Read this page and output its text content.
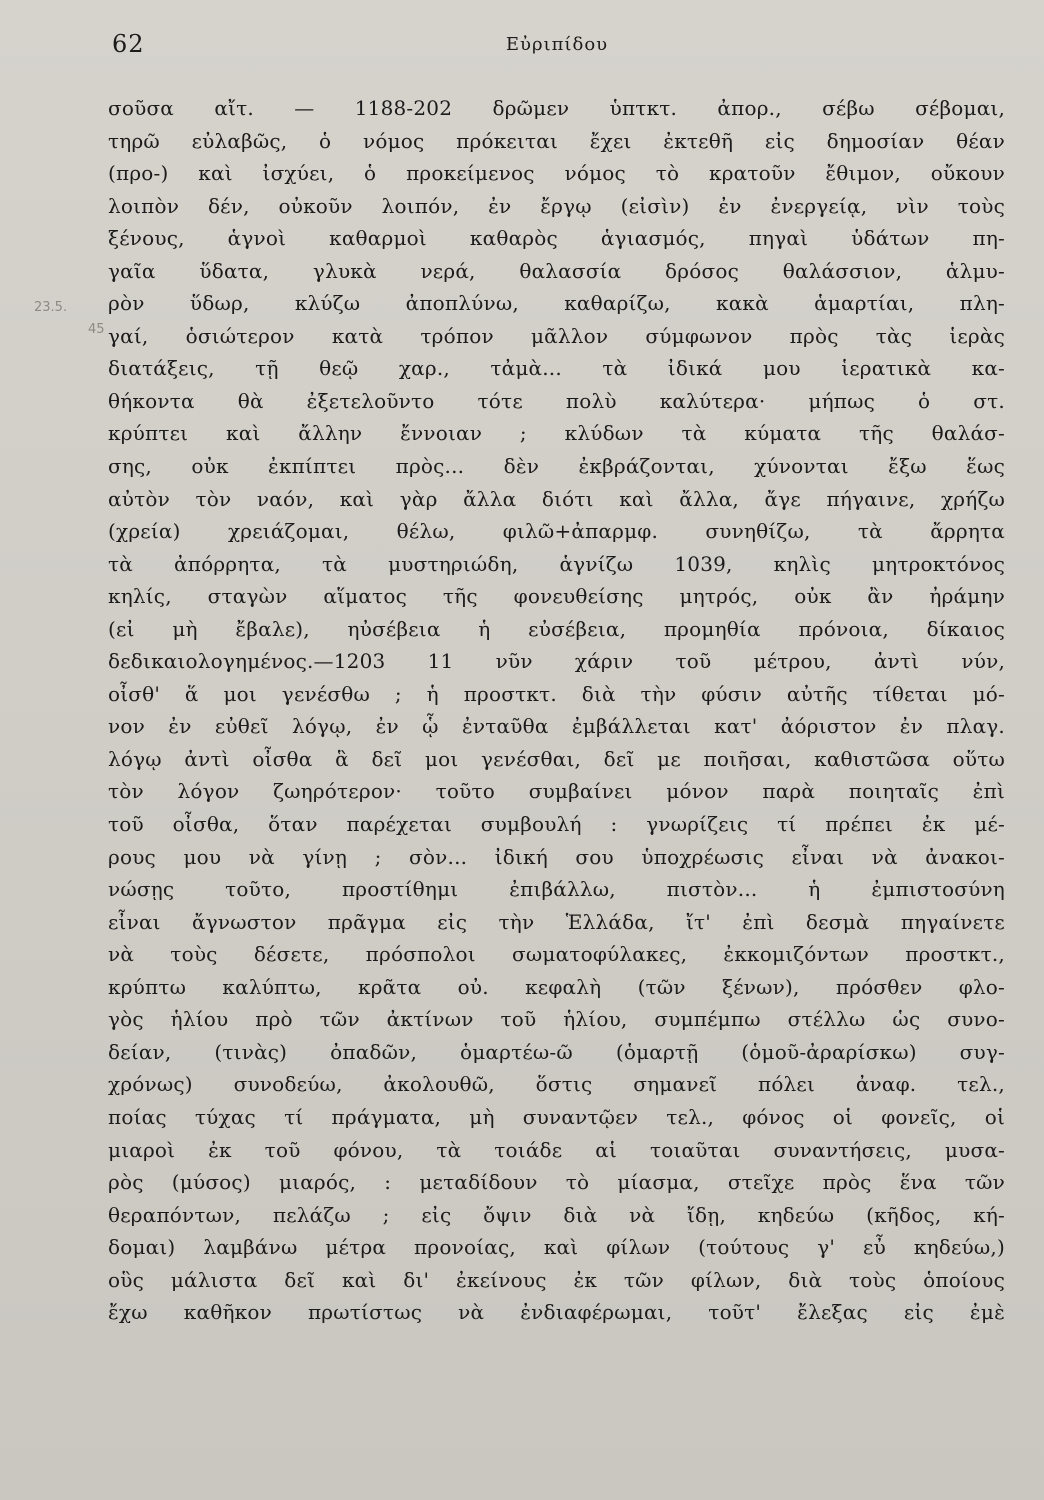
62	Εὐριπίδου
23.5.
45
σοῦσα αἴτ. — 1188-202 δρῶμεν ὑπτκτ. ἀπορ., σέβω σέβομαι,
τηρῶ εὐλαβῶς, ὁ νόμος πρόκειται ἔχει ἐκτεθῆ εἰς δημοσίαν θέαν
(προ-) καὶ ἰσχύει, ὁ προκείμενος νόμος τὸ κρατοῦν ἔθιμον, οὔκουν
λοιπὸν δέν, οὐκοῦν λοιπόν, ἐν ἔργῳ (εἰσὶν) ἐν ἐνεργείᾳ, νὶν τοὺς
ξένους, ἁγνοὶ καθαρμοὶ καθαρὸς ἁγιασμός, πηγαὶ ὑδάτων πη-
γαῖα ὕδατα, γλυκὰ νερά, θαλασσία δρόσος θαλάσσιον, ἁλμυ-
ρὸν ὕδωρ, κλύζω ἀποπλύνω, καθαρίζω, κακὰ ἁμαρτίαι, πλη-
γαί, ὁσιώτερον κατὰ τρόπον μᾶλλον σύμφωνον πρὸς τὰς ἱερὰς
διατάξεις, τῇ θεῷ χαρ., τἀμὰ... τὰ ἰδικά μου ἱερατικὰ κα-
θήκοντα θὰ ἐξετελοῦντο τότε πολὺ καλύτερα· μήπως ὁ στ.
κρύπτει καὶ ἄλλην ἔννοιαν ; κλύδων τὰ κύματα τῆς θαλάσ-
σης, οὐκ ἐκπίπτει πρὸς... δὲν ἐκβράζονται, χύνονται ἔξω ἕως
αὐτὸν τὸν ναόν, καὶ γὰρ ἄλλα διότι καὶ ἄλλα, ἄγε πήγαινε, χρήζω
(χρεία) χρειάζομαι, θέλω, φιλῶ+ἀπαρμφ. συνηθίζω, τὰ ἄρρητα
τὰ ἀπόρρητα, τὰ μυστηριώδη, ἁγνίζω 1039, κηλὶς μητροκτόνος
κηλίς, σταγὼν αἵματος τῆς φονευθείσης μητρός, οὐκ ἂν ἠράμην
(εἰ μὴ ἔβαλε), ηὐσέβεια ἡ εὐσέβεια, προμηθία πρόνοια, δίκαιος
δεδικαιολογημένος.—1203 11 νῦν χάριν τοῦ μέτρου, ἀντὶ νύν,
οἶσθ' ἅ μοι γενέσθω ; ἡ προστκτ. διὰ τὴν φύσιν αὐτῆς τίθεται μό-
νον ἐν εὐθεῖ λόγῳ, ἐν ᾧ ἐνταῦθα ἐμβάλλεται κατ' ἀόριστον ἐν πλαγ.
λόγῳ ἀντὶ οἶσθα ἃ δεῖ μοι γενέσθαι, δεῖ με ποιῆσαι, καθιστῶσα οὕτω
τὸν λόγον ζωηρότερον· τοῦτο συμβαίνει μόνον παρὰ ποιηταῖς ἐπὶ
τοῦ οἶσθα, ὅταν παρέχεται συμβουλή : γνωρίζεις τί πρέπει ἐκ μέ-
ρους μου νὰ γίνῃ ; σὸν... ἰδική σου ὑποχρέωσις εἶναι νὰ ἀνακοι-
νώσῃς τοῦτο, προστίθημι ἐπιβάλλω, πιστὸν... ἡ ἐμπιστοσύνη
εἶναι ἄγνωστον πρᾶγμα εἰς τὴν Ἑλλάδα, ἴτ' ἐπὶ δεσμὰ πηγαίνετε
νὰ τοὺς δέσετε, πρόσπολοι σωματοφύλακες, ἐκκομιζόντων προστκτ.,
κρύπτω καλύπτω, κρᾶτα οὐ. κεφαλὴ (τῶν ξένων), πρόσθεν φλο-
γὸς ἡλίου πρὸ τῶν ἀκτίνων τοῦ ἡλίου, συμπέμπω στέλλω ὡς συνο-
δείαν, (τινὰς) ὀπαδῶν, ὁμαρτέω-ῶ (ὁμαρτῇ (ὁμοῦ-ἀραρίσκω) συγ-
χρόνως) συνοδεύω, ἀκολουθῶ, ὅστις σημανεῖ πόλει ἀναφ. τελ.,
ποίας τύχας τί πράγματα, μὴ συναντῷεν τελ., φόνος οἱ φονεῖς, οἱ
μιαροὶ ἐκ τοῦ φόνου, τὰ τοιάδε αἱ τοιαῦται συναντήσεις, μυσα-
ρὸς (μύσος) μιαρός, : μεταδίδουν τὸ μίασμα, στεῖχε πρὸς ἕνα τῶν
θεραπόντων, πελάζω ; εἰς ὄψιν διὰ νὰ ἴδῃ, κηδεύω (κῆδος, κή-
δομαι) λαμβάνω μέτρα προνοίας, καὶ φίλων (τούτους γ' εὖ κηδεύω,)
οὓς μάλιστα δεῖ καὶ δι' ἐκείνους ἐκ τῶν φίλων, διὰ τοὺς ὁποίους
ἔχω καθῆκον πρωτίστως νὰ ἐνδιαφέρωμαι, τοῦτ' ἔλεξας εἰς ἐμὲ
